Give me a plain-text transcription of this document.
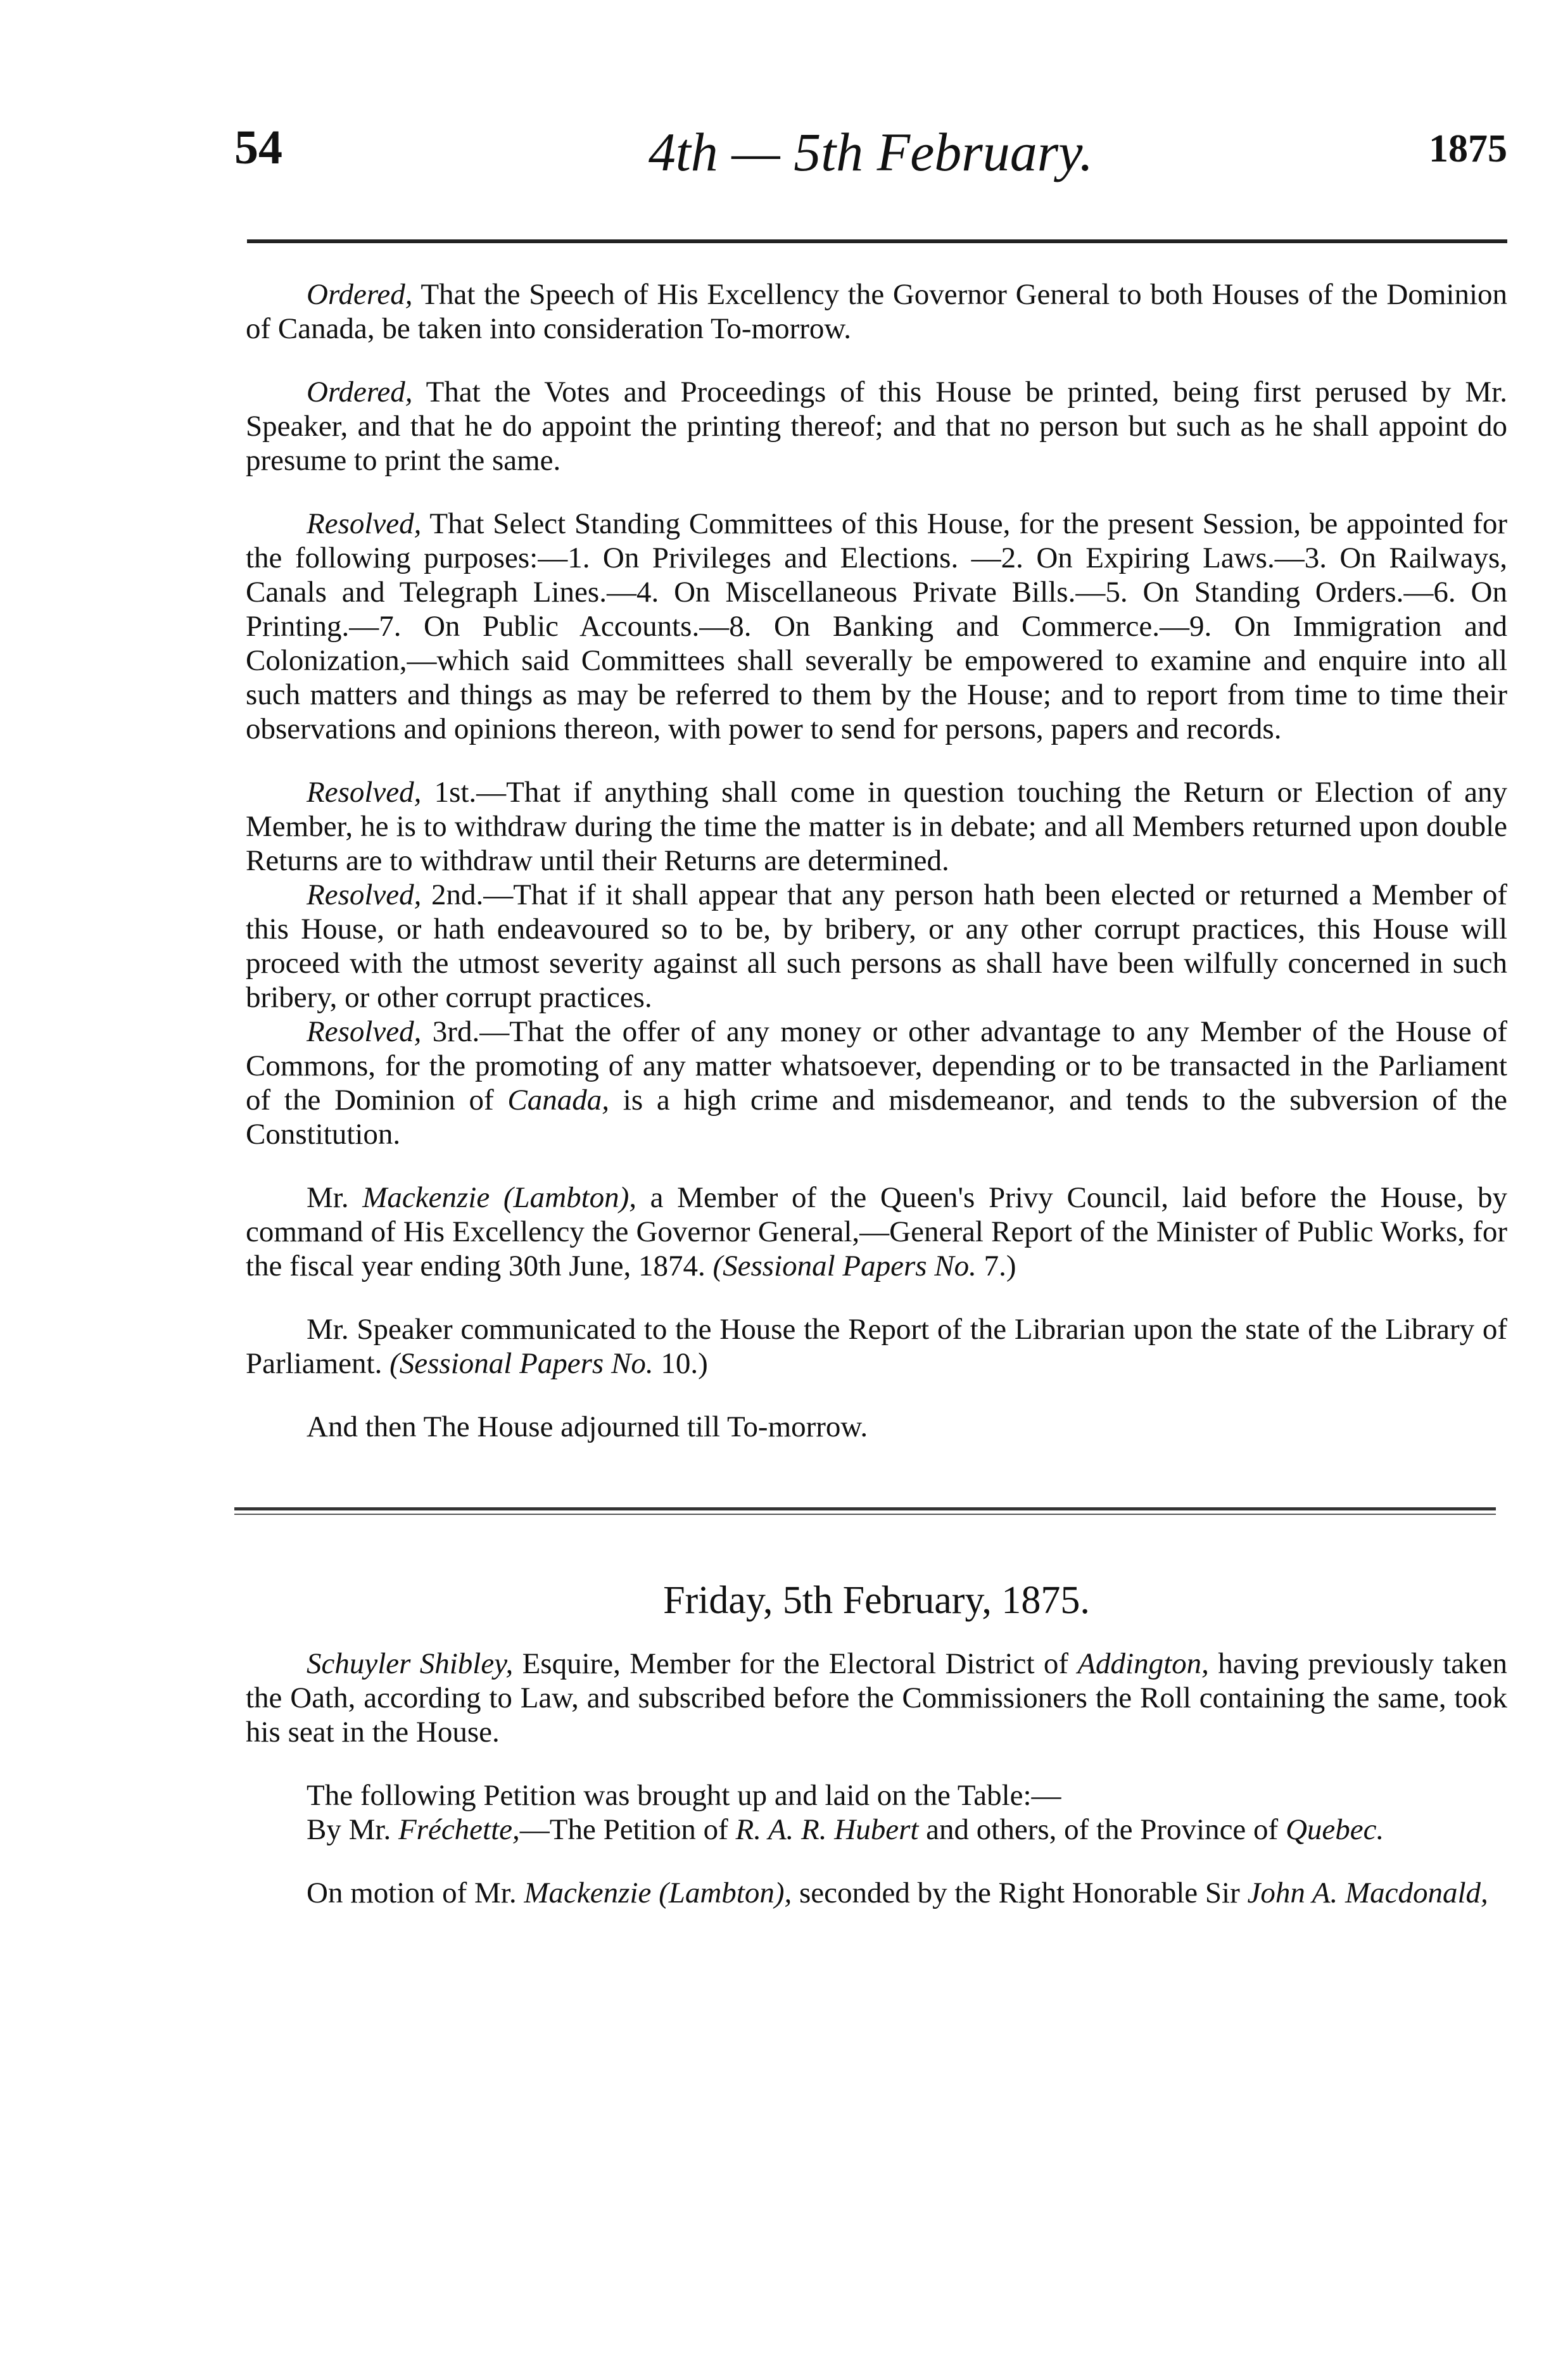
54	4th — 5th February.	1875

Ordered, That the Speech of His Excellency the Governor General to both Houses of the Dominion of Canada, be taken into consideration To-morrow.

Ordered, That the Votes and Proceedings of this House be printed, being first perused by Mr. Speaker, and that he do appoint the printing thereof; and that no person but such as he shall appoint do presume to print the same.

Resolved, That Select Standing Committees of this House, for the present Session, be appointed for the following purposes:—1. On Privileges and Elections. —2. On Expiring Laws.—3. On Railways, Canals and Telegraph Lines.—4. On Miscellaneous Private Bills.—5. On Standing Orders.—6. On Printing.—7. On Public Accounts.—8. On Banking and Commerce.—9. On Immigration and Colonization,—which said Committees shall severally be empowered to examine and enquire into all such matters and things as may be referred to them by the House; and to report from time to time their observations and opinions thereon, with power to send for persons, papers and records.

Resolved, 1st.—That if anything shall come in question touching the Return or Election of any Member, he is to withdraw during the time the matter is in debate; and all Members returned upon double Returns are to withdraw until their Returns are determined.

Resolved, 2nd.—That if it shall appear that any person hath been elected or returned a Member of this House, or hath endeavoured so to be, by bribery, or any other corrupt practices, this House will proceed with the utmost severity against all such persons as shall have been wilfully concerned in such bribery, or other corrupt practices.

Resolved, 3rd.—That the offer of any money or other advantage to any Member of the House of Commons, for the promoting of any matter whatsoever, depending or to be transacted in the Parliament of the Dominion of Canada, is a high crime and misdemeanor, and tends to the subversion of the Constitution.

Mr. Mackenzie (Lambton), a Member of the Queen's Privy Council, laid before the House, by command of His Excellency the Governor General,—General Report of the Minister of Public Works, for the fiscal year ending 30th June, 1874. (Sessional Papers No. 7.)

Mr. Speaker communicated to the House the Report of the Librarian upon the state of the Library of Parliament. (Sessional Papers No. 10.)

And then The House adjourned till To-morrow.

Friday, 5th February, 1875.

Schuyler Shibley, Esquire, Member for the Electoral District of Addington, having previously taken the Oath, according to Law, and subscribed before the Commissioners the Roll containing the same, took his seat in the House.

The following Petition was brought up and laid on the Table:—

By Mr. Fréchette,—The Petition of R. A. R. Hubert and others, of the Province of Quebec.

On motion of Mr. Mackenzie (Lambton), seconded by the Right Honorable Sir John A. Macdonald,
